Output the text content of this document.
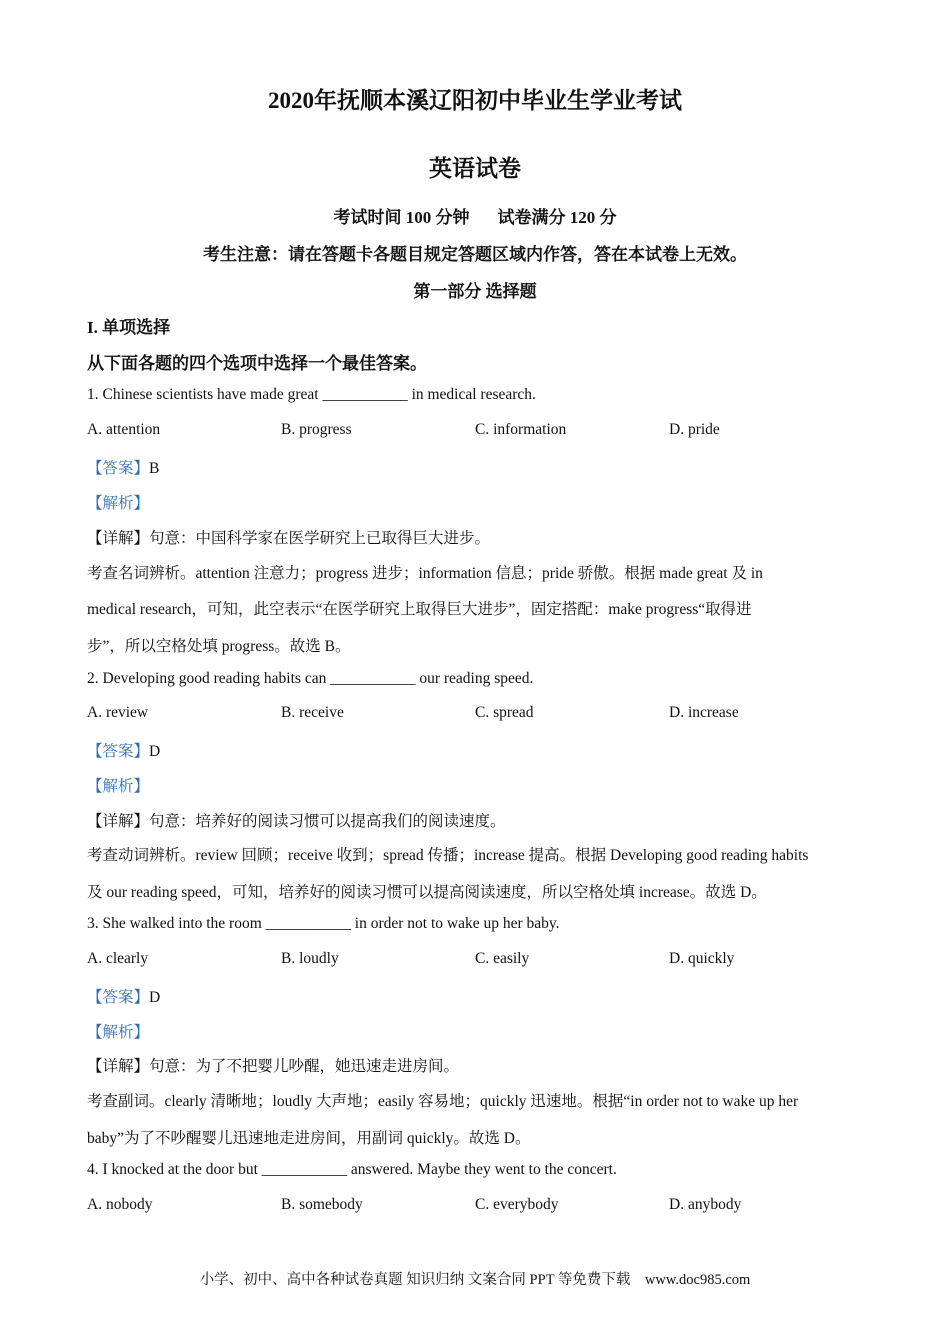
2020年抚顺本溪辽阳初中毕业生学业考试
英语试卷
考试时间 100 分钟 试卷满分 120 分
考生注意：请在答题卡各题目规定答题区域内作答，答在本试卷上无效。
第一部分 选择题
I. 单项选择
从下面各题的四个选项中选择一个最佳答案。
1. Chinese scientists have made great ___________ in medical research.
A. attention	B. progress	C. information	D. pride
【答案】B
【解析】
【详解】句意：中国科学家在医学研究上已取得巨大进步。
考查名词辨析。attention 注意力；progress 进步；information 信息；pride 骄傲。根据 made great 及 in
medical research，可知，此空表示“在医学研究上取得巨大进步”，固定搭配：make progress“取得进
步”，所以空格处填 progress。故选 B。
2. Developing good reading habits can ___________ our reading speed.
A. review	B. receive	C. spread	D. increase
【答案】D
【解析】
【详解】句意：培养好的阅读习惯可以提高我们的阅读速度。
考查动词辨析。review 回顾；receive 收到；spread 传播；increase 提高。根据 Developing good reading habits
及 our reading speed，可知，培养好的阅读习惯可以提高阅读速度，所以空格处填 increase。故选 D。
3. She walked into the room ___________ in order not to wake up her baby.
A. clearly	B. loudly	C. easily	D. quickly
【答案】D
【解析】
【详解】句意：为了不把婴儿吵醒，她迅速走进房间。
考查副词。clearly 清晰地；loudly 大声地；easily 容易地；quickly 迅速地。根据“in order not to wake up her
baby”为了不吵醒婴儿迅速地走进房间，用副词 quickly。故选 D。
4. I knocked at the door but ___________ answered. Maybe they went to the concert.
A. nobody	B. somebody	C. everybody	D. anybody
小学、初中、高中各种试卷真题 知识归纳 文案合同 PPT 等免费下载 www.doc985.com
